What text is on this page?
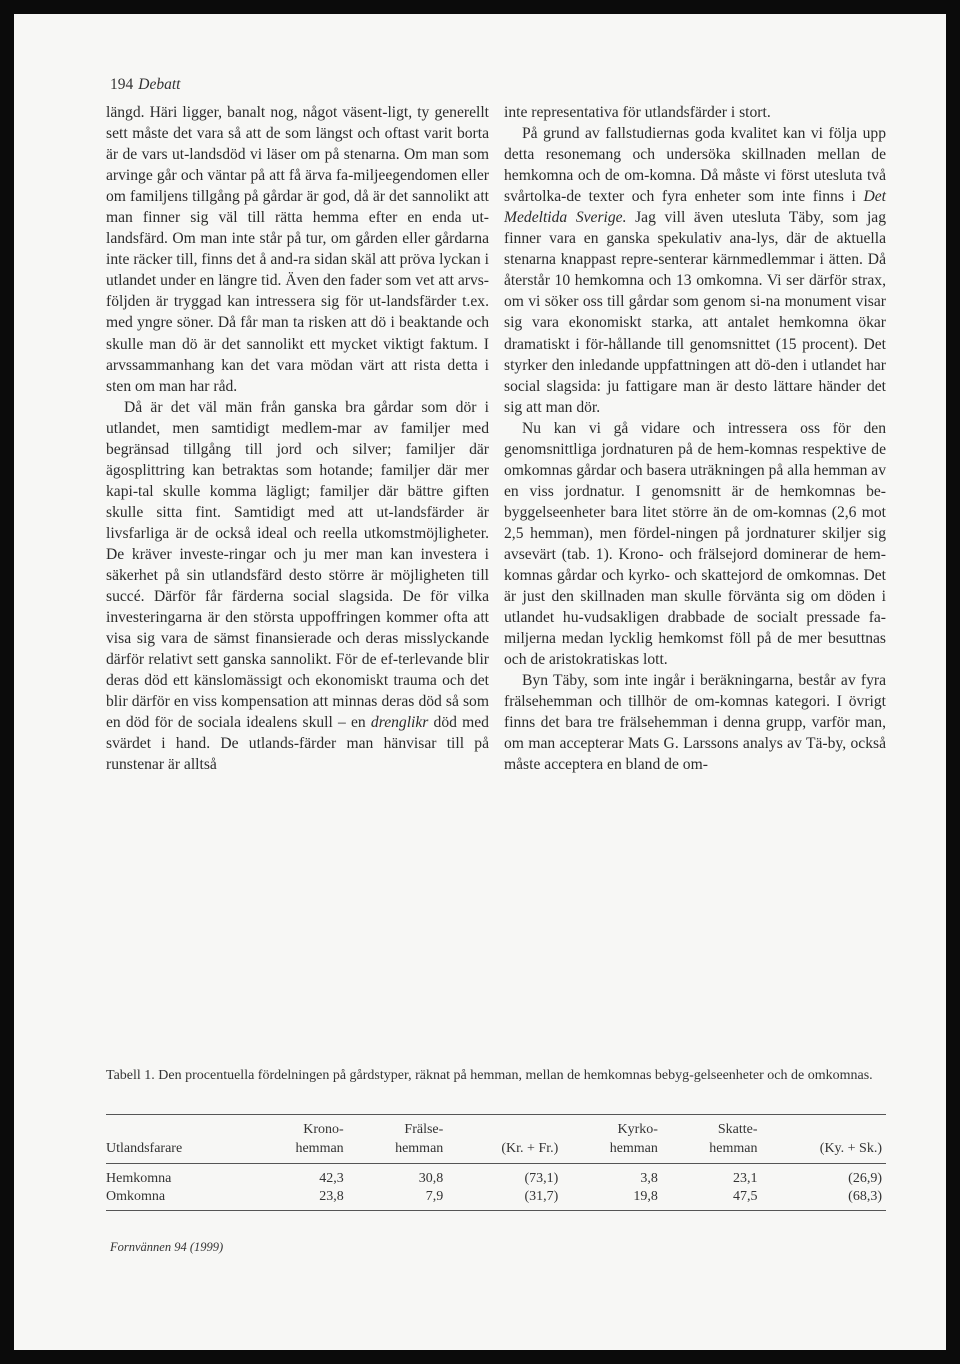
194 Debatt

längd. Häri ligger, banalt nog, något väsent-ligt, ty generellt sett måste det vara så att de som längst och oftast varit borta är de vars ut-landsdöd vi läser om på stenarna. Om man som arvinge går och väntar på att få ärva fa-miljeegendomen eller om familjens tillgång på gårdar är god, då är det sannolikt att man finner sig väl till rätta hemma efter en enda ut-landsfärd. Om man inte står på tur, om gården eller gårdarna inte räcker till, finns det å and-ra sidan skäl att pröva lyckan i utlandet under en längre tid. Även den fader som vet att arvs-följden är tryggad kan intressera sig för ut-landsfärder t.ex. med yngre söner. Då får man ta risken att dö i beaktande och skulle man dö är det sannolikt ett mycket viktigt faktum. I arvssammanhang kan det vara mödan värt att rista detta i sten om man har råd.

Då är det väl män från ganska bra gårdar som dör i utlandet, men samtidigt medlem-mar av familjer med begränsad tillgång till jord och silver; familjer där ägosplittring kan betraktas som hotande; familjer där mer kapi-tal skulle komma lägligt; familjer där bättre giften skulle sitta fint. Samtidigt med att ut-landsfärder är livsfarliga är de också ideal och reella utkomstmöjligheter. De kräver investe-ringar och ju mer man kan investera i säkerhet på sin utlandsfärd desto större är möjligheten till succé. Därför får färderna social slagsida. De för vilka investeringarna är den största uppoffringen kommer ofta att visa sig vara de sämst finansierade och deras misslyckande därför relativt sett ganska sannolikt. För de ef-terlevande blir deras död ett känslomässigt och ekonomiskt trauma och det blir därför en viss kompensation att minnas deras död så som en död för de sociala idealens skull – en drenglikr död med svärdet i hand. De utlands-färder man hänvisar till på runstenar är alltså

inte representativa för utlandsfärder i stort.

På grund av fallstudiernas goda kvalitet kan vi följa upp detta resonemang och undersöka skillnaden mellan de hemkomna och de om-komna. Då måste vi först utesluta två svårtolka-de texter och fyra enheter som inte finns i Det Medeltida Sverige. Jag vill även utesluta Täby, som jag finner vara en ganska spekulativ ana-lys, där de aktuella stenarna knappast repre-senterar kärnmedlemmar i ätten. Då återstår 10 hemkomna och 13 omkomna. Vi ser därför strax, om vi söker oss till gårdar som genom si-na monument visar sig vara ekonomiskt starka, att antalet hemkomna ökar dramatiskt i för-hållande till genomsnittet (15 procent). Det styrker den inledande uppfattningen att dö-den i utlandet har social slagsida: ju fattigare man är desto lättare händer det sig att man dör.

Nu kan vi gå vidare och intressera oss för den genomsnittliga jordnaturen på de hem-komnas respektive de omkomnas gårdar och basera uträkningen på alla hemman av en viss jordnatur. I genomsnitt är de hemkomnas be-byggelseenheter bara litet större än de om-komnas (2,6 mot 2,5 hemman), men fördel-ningen på jordnaturer skiljer sig avsevärt (tab. 1). Krono- och frälsejord dominerar de hem-komnas gårdar och kyrko- och skattejord de omkomnas. Det är just den skillnaden man skulle förvänta sig om döden i utlandet hu-vudsakligen drabbade de socialt pressade fa-miljerna medan lycklig hemkomst föll på de mer besuttnas och de aristokratiskas lott.

Byn Täby, som inte ingår i beräkningarna, består av fyra frälsehemman och tillhör de om-komnas kategori. I övrigt finns det bara tre frälsehemman i denna grupp, varför man, om man accepterar Mats G. Larssons analys av Tä-by, också måste acceptera en bland de om-

Tabell 1. Den procentuella fördelningen på gårdstyper, räknat på hemman, mellan de hemkomnas bebyg-gelseenheter och de omkomnas.
	Krono-	Frälse-		Kyrko-	Skatte-	
Utlandsfarare	hemman	hemman	(Kr. + Fr.)	hemman	hemman	(Ky. + Sk.)
Hemkomna	42,3	30,8	(73,1)	3,8	23,1	(26,9)
Omkomna	23,8	7,9	(31,7)	19,8	47,5	(68,3)
Fornvännen 94 (1999)
